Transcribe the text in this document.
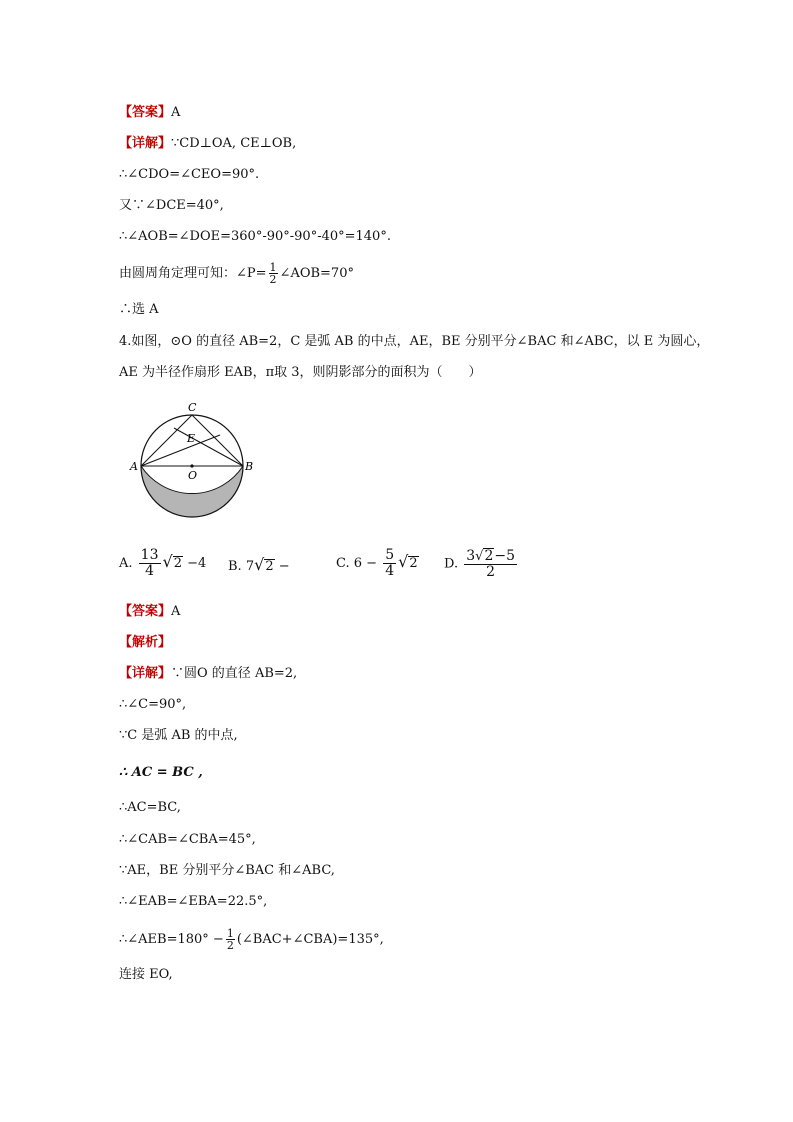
【答案】A
【详解】∵CD⊥OA, CE⊥OB,
∴∠CDO=∠CEO=90°.
又∵∠DCE=40°,
∴∠AOB=∠DOE=360°-90°-90°-40°=140°.
由圆周角定理可知：∠P= $\frac{1}{2}$ ∠AOB=70°
∴选 A
4.如图，⊙O 的直径 AB=2，C 是弧 AB 的中点，AE，BE 分别平分∠BAC 和∠ABC，以 E 为圆心，
AE 为半径作扇形 EAB，π取 3，则阴影部分的面积为（　　）
C
E
A
O
B
A. $\frac{13}{4} √2 -4$ B. 7√2 −	C. $6 - \frac{5}{4} √2$ D. $\frac{3√2-5}{2}$
【答案】A
【解析】
【详解】∵圆O 的直径 AB=2,
∴∠C=90°,
∵C 是弧 AB 的中点,
∴ AC = BC ,
∴AC=BC,
∴∠CAB=∠CBA=45°,
∵AE，BE 分别平分∠BAC 和∠ABC,
∴∠EAB=∠EBA=22.5°,
∴∠AEB=180° − $\frac{1}{2}$ (∠BAC+∠CBA)=135°,
连接 EO,
